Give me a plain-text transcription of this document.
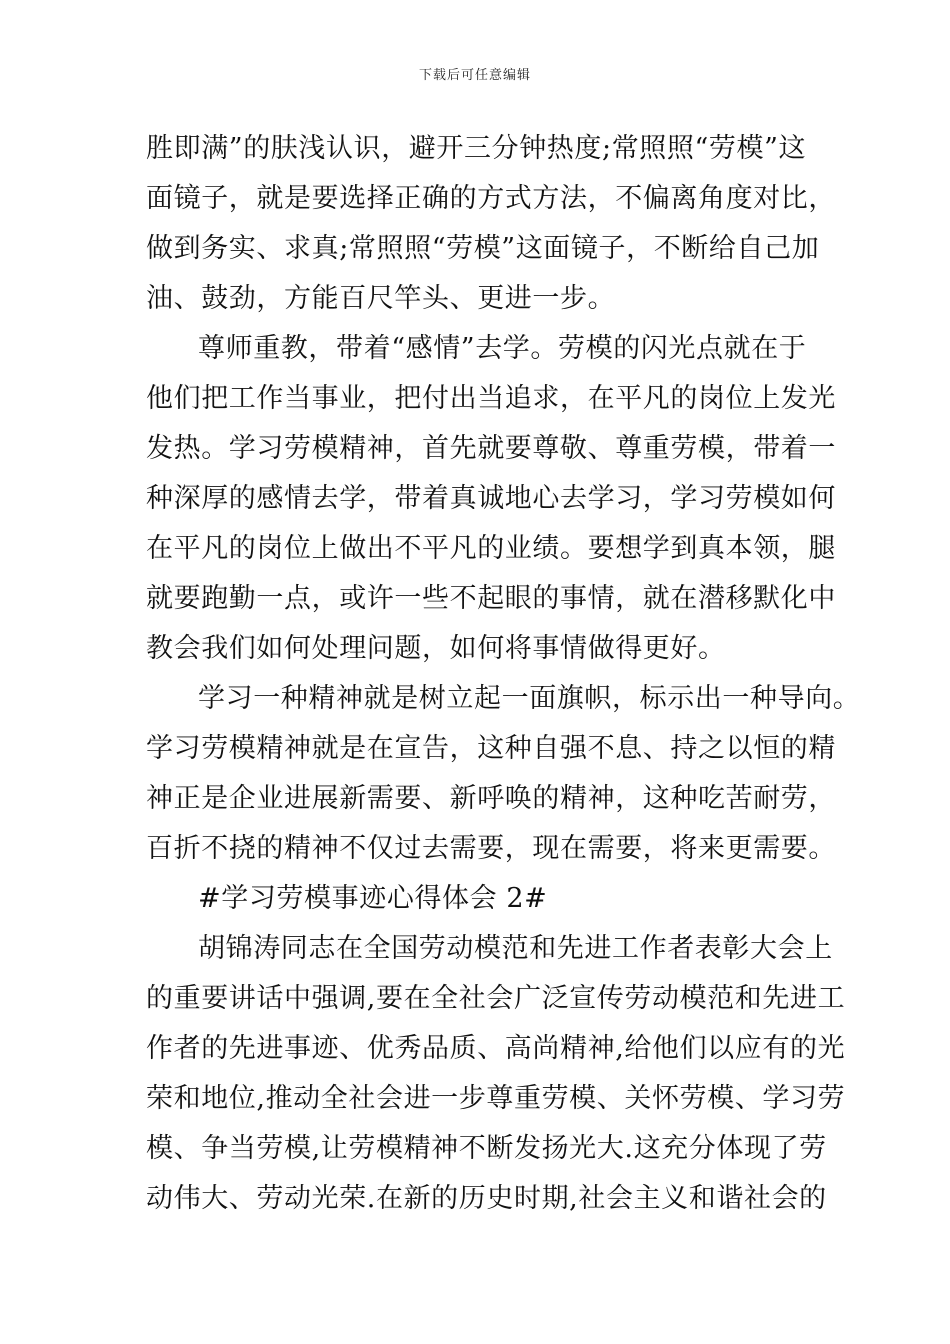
下载后可任意编辑
胜即满”的肤浅认识，避开三分钟热度;常照照“劳模”这
面镜子，就是要选择正确的方式方法，不偏离角度对比，
做到务实、求真;常照照“劳模”这面镜子，不断给自己加
油、鼓劲，方能百尺竿头、更进一步。
尊师重教，带着“感情”去学。劳模的闪光点就在于
他们把工作当事业，把付出当追求，在平凡的岗位上发光
发热。学习劳模精神，首先就要尊敬、尊重劳模，带着一
种深厚的感情去学，带着真诚地心去学习，学习劳模如何
在平凡的岗位上做出不平凡的业绩。要想学到真本领，腿
就要跑勤一点，或许一些不起眼的事情，就在潜移默化中
教会我们如何处理问题，如何将事情做得更好。
学习一种精神就是树立起一面旗帜，标示出一种导向。
学习劳模精神就是在宣告，这种自强不息、持之以恒的精
神正是企业进展新需要、新呼唤的精神，这种吃苦耐劳，
百折不挠的精神不仅过去需要，现在需要，将来更需要。
#学习劳模事迹心得体会 2#
胡锦涛同志在全国劳动模范和先进工作者表彰大会上
的重要讲话中强调,要在全社会广泛宣传劳动模范和先进工
作者的先进事迹、优秀品质、高尚精神,给他们以应有的光
荣和地位,推动全社会进一步尊重劳模、关怀劳模、学习劳
模、争当劳模,让劳模精神不断发扬光大.这充分体现了劳
动伟大、劳动光荣.在新的历史时期,社会主义和谐社会的
